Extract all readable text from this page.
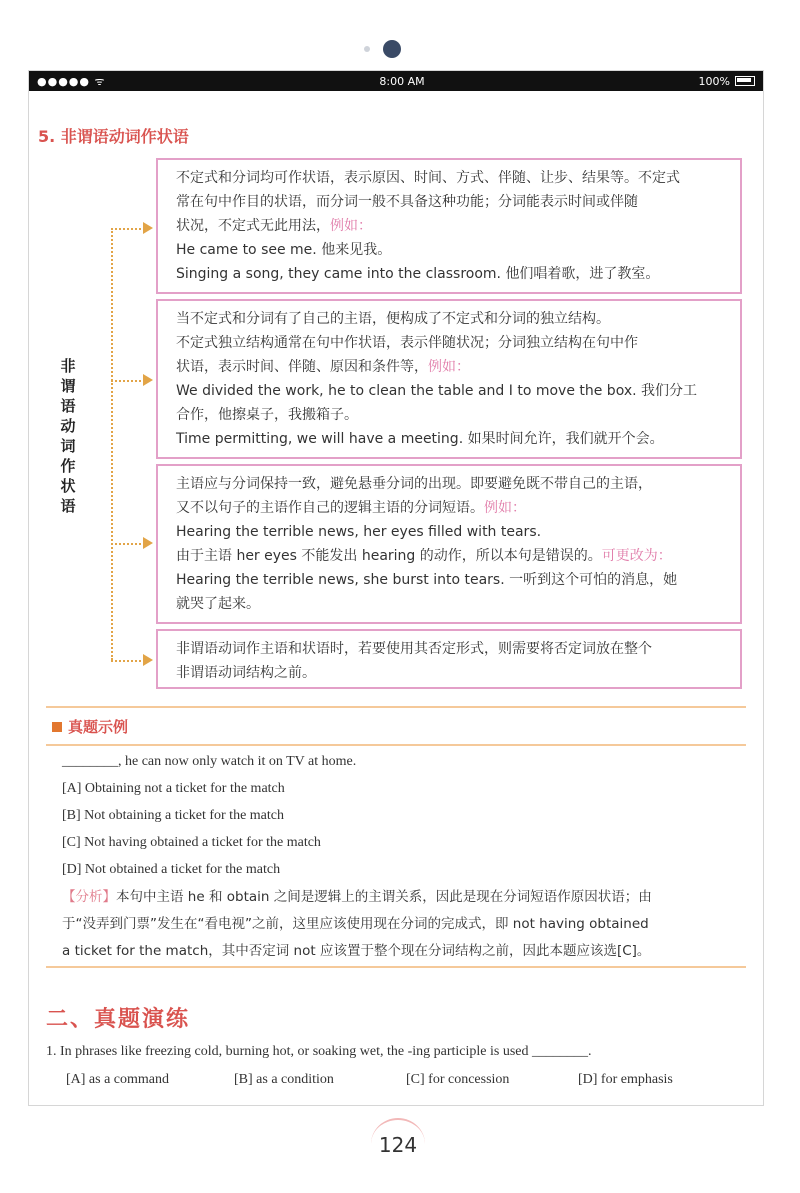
●●●●● ᯤ	8:00 AM	100%
5. 非谓语动词作状语
非谓语动词作状语

不定式和分词均可作状语，表示原因、时间、方式、伴随、让步、结果等。不定式

常在句中作目的状语，而分词一般不具备这种功能；分词能表示时间或伴随

状况，不定式无此用法，例如：

He came to see me. 他来见我。

Singing a song, they came into the classroom. 他们唱着歌，进了教室。

当不定式和分词有了自己的主语，便构成了不定式和分词的独立结构。

不定式独立结构通常在句中作状语，表示伴随状况；分词独立结构在句中作

状语，表示时间、伴随、原因和条件等，例如：

We divided the work, he to clean the table and I to move the box. 我们分工

合作，他擦桌子，我搬箱子。

Time permitting, we will have a meeting. 如果时间允许，我们就开个会。

主语应与分词保持一致，避免悬垂分词的出现。即要避免既不带自己的主语，

又不以句子的主语作自己的逻辑主语的分词短语。例如：

Hearing the terrible news, her eyes filled with tears.

由于主语 her eyes 不能发出 hearing 的动作，所以本句是错误的。可更改为：

Hearing the terrible news, she burst into tears. 一听到这个可怕的消息，她

就哭了起来。

非谓语动词作主语和状语时，若要使用其否定形式，则需要将否定词放在整个

非谓语动词结构之前。

真题示例
________, he can now only watch it on TV at home.
[A] Obtaining not a ticket for the match
[B] Not obtaining a ticket for the match
[C] Not having obtained a ticket for the match
[D] Not obtained a ticket for the match
【分析】本句中主语 he 和 obtain 之间是逻辑上的主谓关系，因此是现在分词短语作原因状语；由
于“没弄到门票”发生在“看电视”之前，这里应该使用现在分词的完成式，即 not having obtained
a ticket for the match，其中否定词 not 应该置于整个现在分词结构之前，因此本题应该选[C]。
二、真题演练
1. In phrases like freezing cold, burning hot, or soaking wet, the -ing participle is used ________.
[A] as a command	[B] as a condition	[C] for concession	[D] for emphasis
124
